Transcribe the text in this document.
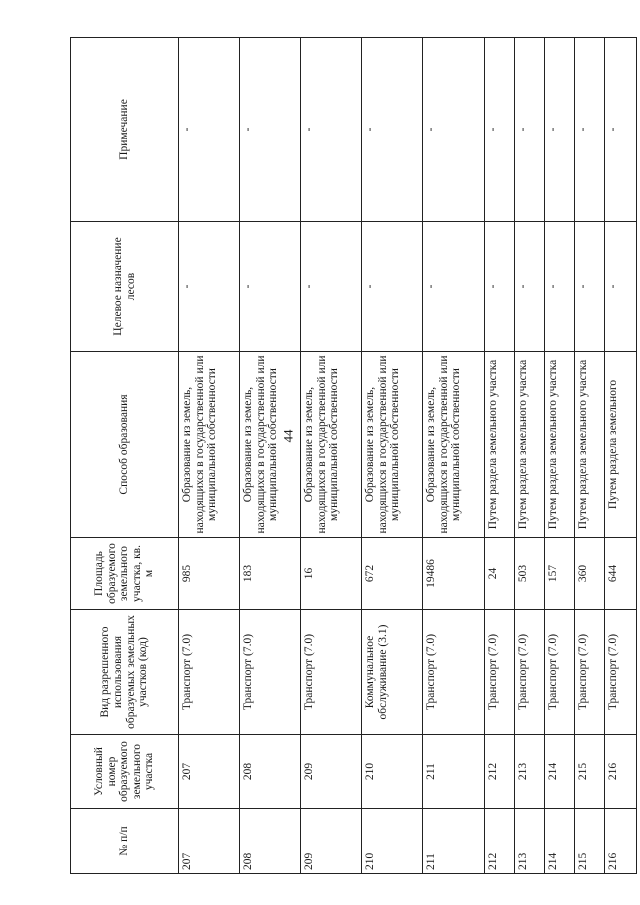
44
№ п/п	Условный номер образуемого земельного участка	Вид разрешенного использования образуемых земельных участков (код)	Площадь образуемого земельного участка, кв. м	Способ образования	Целевое назначение лесов	Примечание
207	207	Транспорт (7.0)	985	Образование из земель, находящихся в государственной или муниципальной собственности	-	-
208	208	Транспорт (7.0)	183	Образование из земель, находящихся в государственной или муниципальной собственности	-	-
209	209	Транспорт (7.0)	16	Образование из земель, находящихся в государственной или муниципальной собственности	-	-
210	210	Коммунальное обслуживание (3.1)	672	Образование из земель, находящихся в государственной или муниципальной собственности	-	-
211	211	Транспорт (7.0)	19486	Образование из земель, находящихся в государственной или муниципальной собственности	-	-
212	212	Транспорт (7.0)	24	Путем раздела земельного участка	-	-
213	213	Транспорт (7.0)	503	Путем раздела земельного участка	-	-
214	214	Транспорт (7.0)	157	Путем раздела земельного участка	-	-
215	215	Транспорт (7.0)	360	Путем раздела земельного участка	-	-
216	216	Транспорт (7.0)	644	Путем раздела земельного	-	-
